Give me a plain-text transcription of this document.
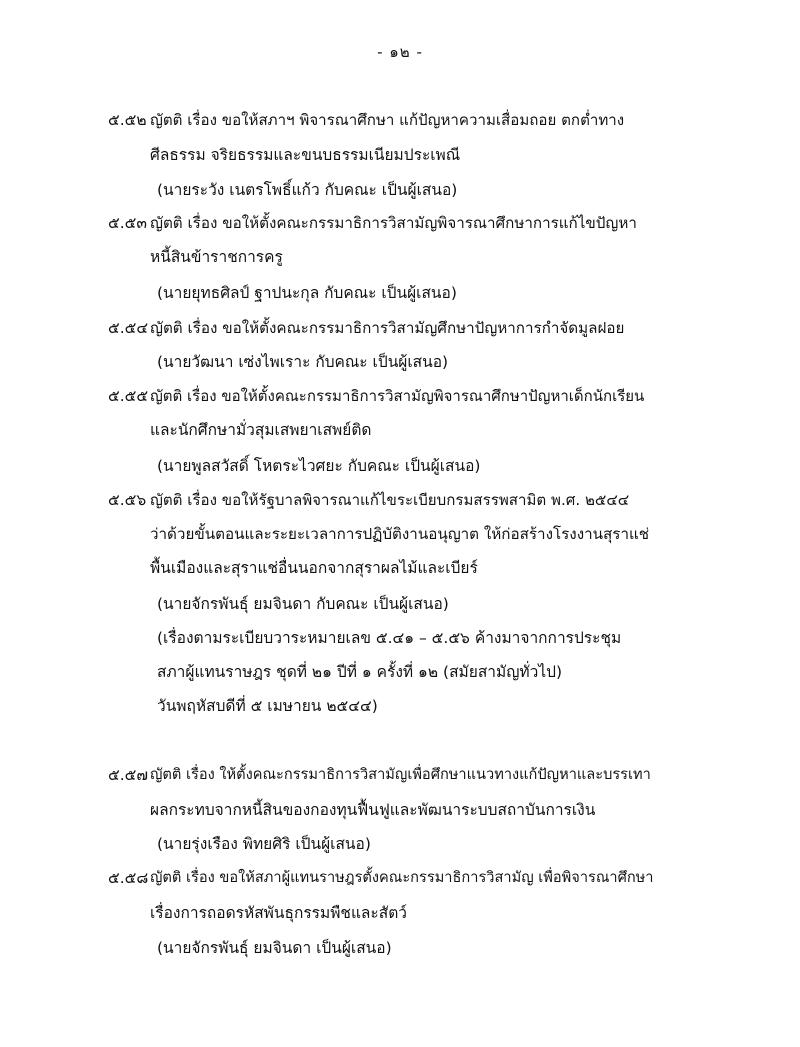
- ๑๒ -
๕.๕๒ ญัตติ เรื่อง ขอให้สภาฯ พิจารณาศึกษา แก้ปัญหาความเสื่อมถอย ตกต่ำทาง
ศีลธรรม จริยธรรมและขนบธรรมเนียมประเพณี
(นายระวัง เนตรโพธิ์แก้ว กับคณะ เป็นผู้เสนอ)
๕.๕๓ ญัตติ เรื่อง ขอให้ตั้งคณะกรรมาธิการวิสามัญพิจารณาศึกษาการแก้ไขปัญหา
หนี้สินข้าราชการครู
(นายยุทธศิลป์ ฐาปนะกุล กับคณะ เป็นผู้เสนอ)
๕.๕๔ ญัตติ เรื่อง ขอให้ตั้งคณะกรรมาธิการวิสามัญศึกษาปัญหาการกำจัดมูลฝอย
(นายวัฒนา เซ่งไพเราะ กับคณะ เป็นผู้เสนอ)
๕.๕๕ ญัตติ เรื่อง ขอให้ตั้งคณะกรรมาธิการวิสามัญพิจารณาศึกษาปัญหาเด็กนักเรียน
และนักศึกษามั่วสุมเสพยาเสพย์ติด
(นายพูลสวัสดิ์ โหตระไวศยะ กับคณะ เป็นผู้เสนอ)
๕.๕๖ ญัตติ เรื่อง ขอให้รัฐบาลพิจารณาแก้ไขระเบียบกรมสรรพสามิต พ.ศ. ๒๕๔๔
ว่าด้วยขั้นตอนและระยะเวลาการปฏิบัติงานอนุญาต ให้ก่อสร้างโรงงานสุราแช่
พื้นเมืองและสุราแช่อื่นนอกจากสุราผลไม้และเบียร์
(นายจักรพันธุ์ ยมจินดา กับคณะ เป็นผู้เสนอ)
(เรื่องตามระเบียบวาระหมายเลข ๕.๔๑ – ๕.๕๖ ค้างมาจากการประชุม
สภาผู้แทนราษฎร ชุดที่ ๒๑ ปีที่ ๑ ครั้งที่ ๑๒ (สมัยสามัญทั่วไป)
วันพฤหัสบดีที่ ๕ เมษายน ๒๕๔๔)
๕.๕๗ ญัตติ เรื่อง ให้ตั้งคณะกรรมาธิการวิสามัญเพื่อศึกษาแนวทางแก้ปัญหาและบรรเทา
ผลกระทบจากหนี้สินของกองทุนฟื้นฟูและพัฒนาระบบสถาบันการเงิน
(นายรุ่งเรือง พิทยศิริ เป็นผู้เสนอ)
๕.๕๘ ญัตติ เรื่อง ขอให้สภาผู้แทนราษฎรตั้งคณะกรรมาธิการวิสามัญ เพื่อพิจารณาศึกษา
เรื่องการถอดรหัสพันธุกรรมพืชและสัตว์
(นายจักรพันธุ์ ยมจินดา เป็นผู้เสนอ)
